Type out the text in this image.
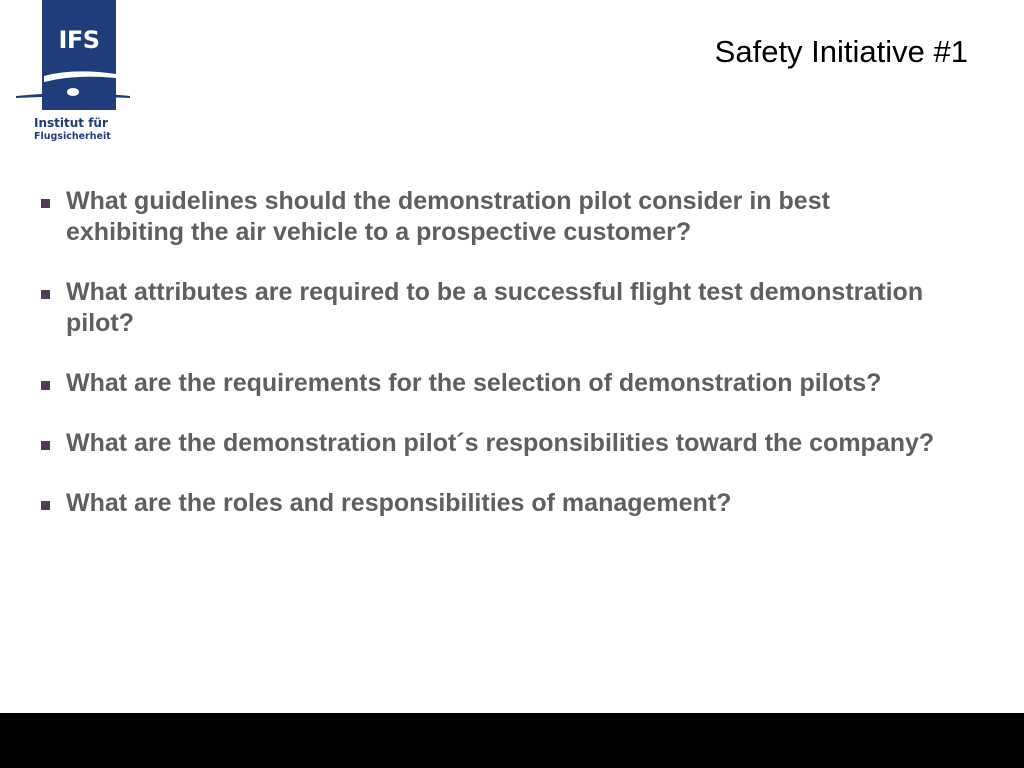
IFS
Institut für
Flugsicherheit
Safety Initiative #1
What guidelines should the demonstration pilot consider in best exhibiting the air vehicle to a prospective customer?
What attributes are required to be a successful flight test demonstration pilot?
What are the requirements for the selection of demonstration pilots?
What are the demonstration pilot´s responsibilities toward the company?
What are the roles and responsibilities of management?
